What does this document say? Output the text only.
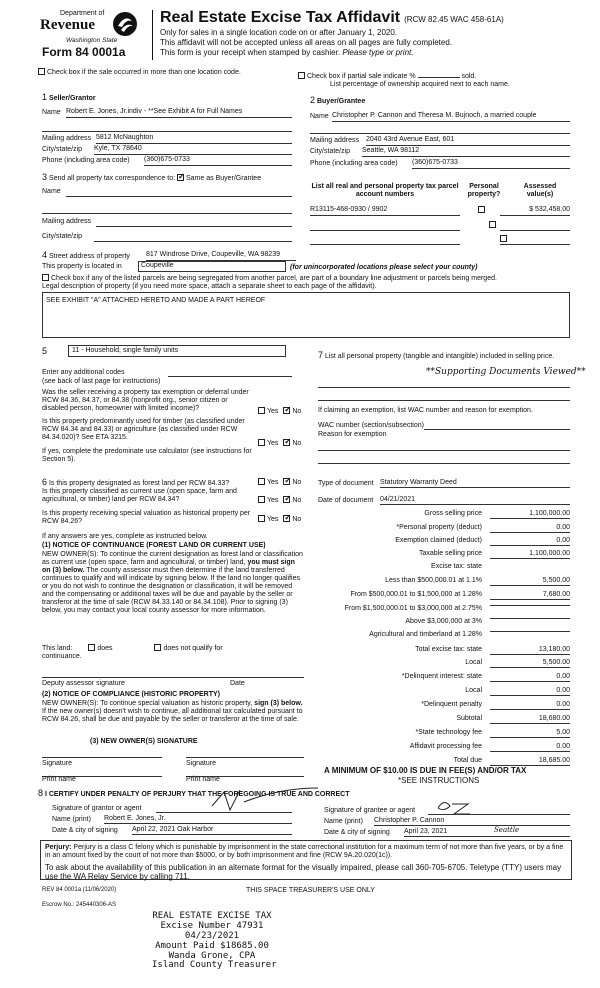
Department of
Revenue
Washington State
Form 84 0001a
Real Estate Excise Tax Affidavit (RCW 82.45 WAC 458-61A)
Only for sales in a single location code on or after January 1, 2020.
This affidavit will not be accepted unless all areas on all pages are fully completed.
This form is your receipt when stamped by cashier. Please type or print.
Check box if the sale occurred in more than one location code.
Check box if partial sale indicate %	sold.
List percentage of ownership acquired next to each name.
1 Seller/Grantor
Name Robert E. Jones, Jr.indiv - **See Exhibit A for Full Names
Mailing address 5812 McNaughton
City/state/zip Kyle, TX 78640
Phone (including area code) (360)675-0733
2 Buyer/Grantee
Name Christopher P. Cannon and Theresa M. Bujnoch, a married couple
Mailing address 2040 43rd Avenue East, 601
City/state/zip Seattle, WA 98112
Phone (including area code) (360)675-0733
3 Send all property tax correspondence to: ✓ Same as Buyer/Grantee
Name
Mailing address
City/state/zip
List all real and personal property tax parcel account numbers
Personal property?
Assessed value(s)
R13115-468-0930 / 9902
	$ 532,458.00

4 Street address of property 817 Windrose Drive, Coupeville, WA 98239
This property is located in	Coupeville	(for unincorporated locations please select your county)
Check box if any of the listed parcels are being segregated from another parcel, are part of a boundary line adjustment or parcels being merged.
Legal description of property (if you need more space, attach a separate sheet to each page of the affidavit).
SEE EXHIBIT "A" ATTACHED HERETO AND MADE A PART HEREOF
5	11 - Household, single family units
Enter any additional codes
(see back of last page for instructions)
Was the seller receiving a property tax exemption or deferral under RCW 84.36, 84.37, or 84.38 (nonprofit org., senior citizen or disabled person, homeowner with limited income)?	Yes ✓ No
Is this property predominantly used for timber (as classified under RCW 84.34 and 84.33) or agriculture (as classified under RCW 84.34.020)? See ETA 3215.
Yes ✓ No
If yes, complete the predominate use calculator (see instructions for Section 5).
7 List all personal property (tangible and intangible) included in selling price.
**Supporting Documents Viewed**
If claiming an exemption, list WAC number and reason for exemption.
WAC number (section/subsection)
Reason for exemption
6 Is this property designated as forest land per RCW 84.33?	Yes ✓ No
Is this property classified as current use (open space, farm and agricultural, or timber) land per RCW 84.34?	Yes ✓ No
Is this property receiving special valuation as historical property per RCW 84.26?	Yes ✓ No
If any answers are yes, complete as instructed below.
(1) NOTICE OF CONTINUANCE (FOREST LAND OR CURRENT USE)
NEW OWNER(S): To continue the current designation as forest land or classification as current use (open space, farm and agricultural, or timber) land, you must sign on (3) below. The county assessor must then determine if the land transferred continues to qualify and will indicate by signing below. If the land no longer qualifies or you do not wish to continue the designation or classification, it will be removed and the compensating or additional taxes will be due and payable by the seller or transferor at the time of sale (RCW 84.33.140 or 84.34.108). Prior to signing (3) below, you may contact your local county assessor for more information.
This land:	does	does not qualify for
continuance.
Deputy assessor signature	Date
(2) NOTICE OF COMPLIANCE (HISTORIC PROPERTY)
NEW OWNER(S): To continue special valuation as historic property, sign (3) below. If the new owner(s) doesn't wish to continue, all additional tax calculated pursuant to RCW 84.26, shall be due and payable by the seller or transferor at the time of sale.
(3) NEW OWNER(S) SIGNATURE
Signature	Signature
Print name	Print name
Type of document Statutory Warranty Deed
Date of document 04/21/2021
Gross selling price	1,100,000.00
*Personal property (deduct)	0.00
Exemption claimed (deduct)	0.00
Taxable selling price	1,100,000.00
Excise tax: state
Less than $500,000.01 at 1.1%	5,500.00
From $500,000.01 to $1,500,000 at 1.28%	7,680.00
From $1,500,000.01 to $3,000,000 at 2.75%
Above $3,000,000 at 3%
Agricultural and timberland at 1.28%
Total excise tax: state	13,180.00
Local	5,500.00
*Delinquent interest: state	0.00
Local	0.00
*Delinquent penalty	0.00
Subtotal	18,680.00
*State technology fee	5.00
Affidavit processing fee	0.00
Total due	18,685.00
A MINIMUM OF $10.00 IS DUE IN FEE(S) AND/OR TAX
*SEE INSTRUCTIONS
8 I CERTIFY UNDER PENALTY OF PERJURY THAT THE FOREGOING IS TRUE AND CORRECT
Signature of grantor or agent
Name (print) Robert E. Jones, Jr.
Date & city of signing April 22, 2021 Oak Harbor
Signature of grantee or agent
Name (print) Christopher P. Cannon
Date & city of signing April 23, 2021	Seattle
Perjury: Perjury is a class C felony which is punishable by imprisonment in the state correctional institution for a maximum term of not more than five years, or by a fine in an amount fixed by the court of not more than $5000, or by both imprisonment and fine (RCW 9A.20.020(1c)).
To ask about the availability of this publication in an alternate format for the visually impaired, please call 360-705-6705. Teletype (TTY) users may use the WA Relay Service by calling 711.
REV 84 0001a (11/06/2020)	THIS SPACE TREASURER'S USE ONLY
Escrow No.: 245440306-AS
REAL ESTATE EXCISE TAX
Excise Number 47931
04/23/2021
Amount Paid $18685.00
Wanda Grone, CPA
Island County Treasurer
